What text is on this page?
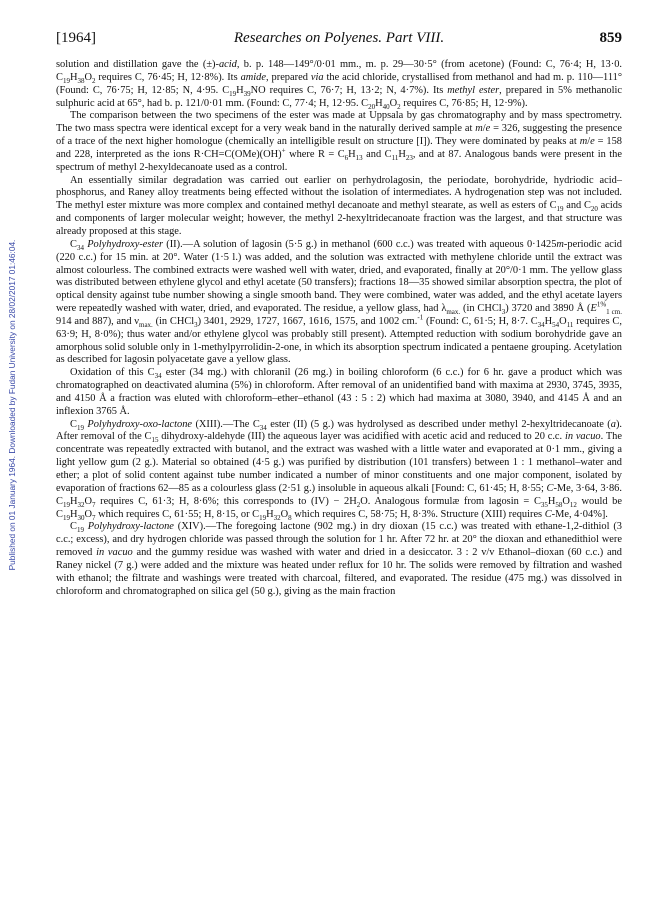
Published on 01 January 1964. Downloaded by Fudan University on 28/02/2017 01:46:04.
[1964]	Researches on Polyenes. Part VIII.	859

solution and distillation gave the (±)-acid, b. p. 148—149°/0·01 mm., m. p. 29—30·5° (from acetone) (Found: C, 76·4; H, 13·0. $C_{19}H_{38}O_2$ requires C, 76·45; H, 12·8%). Its amide, prepared via the acid chloride, crystallised from methanol and had m. p. 110—111° (Found: C, 76·75; H, 12·85; N, 4·95. $C_{19}H_{39}NO$ requires C, 76·7; H, 13·2; N, 4·7%). Its methyl ester, prepared in 5% methanolic sulphuric acid at 65°, had b. p. 121/0·01 mm. (Found: C, 77·4; H, 12·95. $C_{20}H_{40}O_2$ requires C, 76·85; H, 12·9%).

The comparison between the two specimens of the ester was made at Uppsala by gas chromatography and by mass spectrometry. The two mass spectra were identical except for a very weak band in the naturally derived sample at m/e = 326, suggesting the presence of a trace of the next higher homologue (chemically an intelligible result on structure [I]). They were dominated by peaks at m/e = 158 and 228, interpreted as the ions R·CH=C(OMe)(OH)+ where $R = C_6H_{13}$ and $C_{11}H_{23}$, and at 87. Analogous bands were present in the spectrum of methyl 2-hexyldecanoate used as a control.

An essentially similar degradation was carried out earlier on perhydrolagosin, the periodate, borohydride, hydriodic acid–phosphorus, and Raney alloy treatments being effected without the isolation of intermediates. A hydrogenation step was not included. The methyl ester mixture was more complex and contained methyl decanoate and methyl stearate, as well as esters of $C_{19}$ and $C_{20}$ acids and components of larger molecular weight; however, the methyl 2-hexyltridecanoate fraction was the largest, and that structure was already proposed at this stage.

$C_{34}$ Polyhydroxy-ester (II).—A solution of lagosin (5·5 g.) in methanol (600 c.c.) was treated with aqueous 0·1425m-periodic acid (220 c.c.) for 15 min. at 20°. Water (1·5 l.) was added, and the solution was extracted with methylene chloride until the extract was almost colourless. The combined extracts were washed well with water, dried, and evaporated, finally at 20°/0·1 mm. The yellow glass was distributed between ethylene glycol and ethyl acetate (50 transfers); fractions 18—35 showed similar absorption spectra, the plot of optical density against tube number showing a single smooth band. They were combined, water was added, and the ethyl acetate layers were repeatedly washed with water, dried, and evaporated. The residue, a yellow glass, had $\lambda_{max.}$ (in CHCl$_3$) 3720 and 3890 Å ($E^{1\%}_{1 cm.}$ 914 and 887), and $\nu_{max.}$ (in CHCl$_3$) 3401, 2929, 1727, 1667, 1616, 1575, and 1002 cm.$^{-1}$ (Found: C, 61·5; H, 8·7. $C_{34}H_{54}O_{11}$ requires C, 63·9; H, 8·0%); thus water and/or ethylene glycol was probably still present). Attempted reduction with sodium borohydride gave an amorphous solid soluble only in 1-methylpyrrolidin-2-one, in which its absorption spectrum indicated a pentaene grouping. Acetylation as described for lagosin polyacetate gave a yellow glass.

Oxidation of this $C_{34}$ ester (34 mg.) with chloranil (26 mg.) in boiling chloroform (6 c.c.) for 6 hr. gave a product which was chromatographed on deactivated alumina (5%) in chloroform. After removal of an unidentified band with maxima at 2930, 3745, 3935, and 4150 Å a fraction was eluted with chloroform–ether–ethanol (43 : 5 : 2) which had maxima at 3080, 3940, and 4145 Å and an inflexion 3765 Å.

$C_{19}$ Polyhydroxy-oxo-lactone (XIII).—The $C_{34}$ ester (II) (5 g.) was hydrolysed as described under methyl 2-hexyltridecanoate (a). After removal of the $C_{15}$ dihydroxy-aldehyde (III) the aqueous layer was acidified with acetic acid and reduced to 20 c.c. in vacuo. The concentrate was repeatedly extracted with butanol, and the extract was washed with a little water and evaporated at 0·1 mm., giving a light yellow gum (2 g.). Material so obtained (4·5 g.) was purified by distribution (101 transfers) between 1 : 1 methanol–water and ether; a plot of solid content against tube number indicated a number of minor constituents and one major component, isolated by evaporation of fractions 62—85 as a colourless glass (2·51 g.) insoluble in aqueous alkali [Found: C, 61·45; H, 8·55; C-Me, 3·64, 3·86. $C_{19}H_{32}O_7$ requires C, 61·3; H, 8·6%; this corresponds to $(IV) - 2H_2O$. Analogous formulæ from lagosin = $C_{35}H_{58}O_{12}$ would be $C_{19}H_{30}O_7$ which requires C, 61·55; H, 8·15, or $C_{19}H_{32}O_8$ which requires C, 58·75; H, 8·3%. Structure (XIII) requires C-Me, 4·04%].

$C_{19}$ Polyhydroxy-lactone (XIV).—The foregoing lactone (902 mg.) in dry dioxan (15 c.c.) was treated with ethane-1,2-dithiol (3 c.c.; excess), and dry hydrogen chloride was passed through the solution for 1 hr. After 72 hr. at 20° the dioxan and ethanedithiol were removed in vacuo and the gummy residue was washed with water and dried in a desiccator. 3 : 2 v/v Ethanol–dioxan (60 c.c.) and Raney nickel (7 g.) were added and the mixture was heated under reflux for 10 hr. The solids were removed by filtration and washed with ethanol; the filtrate and washings were treated with charcoal, filtered, and evaporated. The residue (475 mg.) was dissolved in chloroform and chromatographed on silica gel (50 g.), giving as the main fraction
